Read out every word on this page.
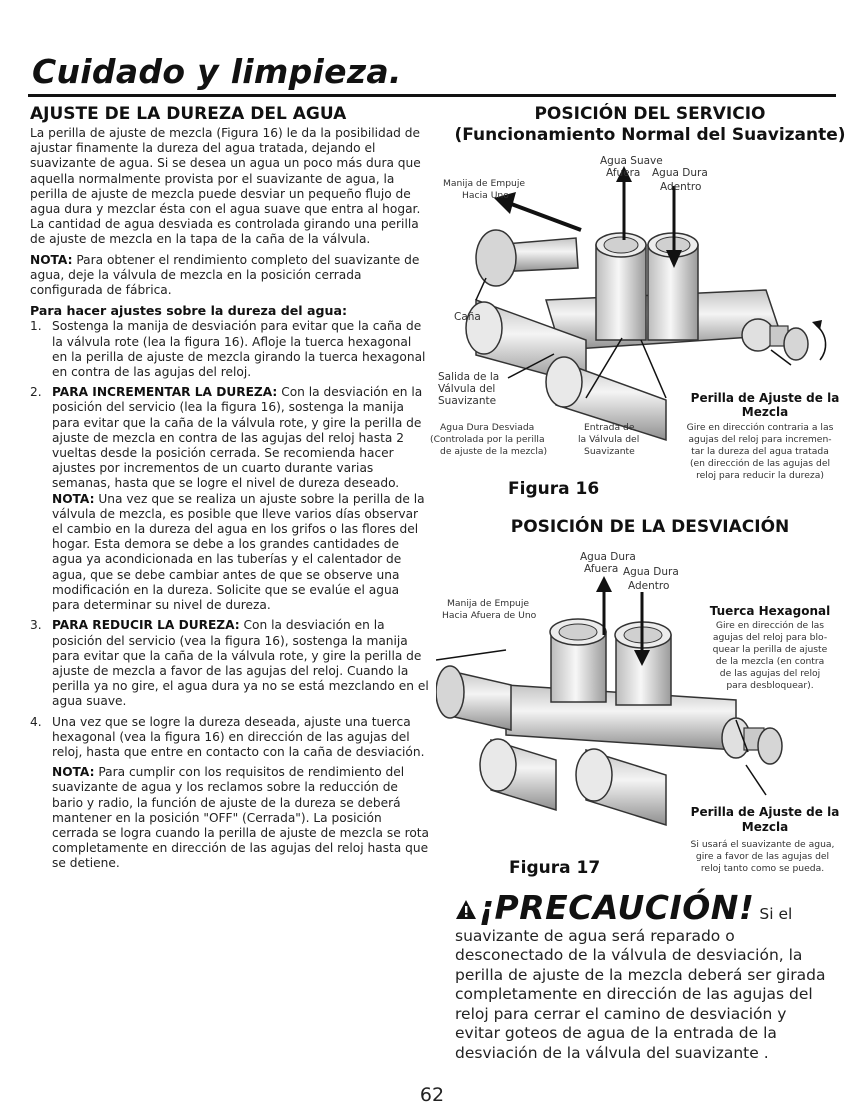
Cuidado y limpieza.
AJUSTE DE LA DUREZA DEL AGUA

La perilla de ajuste de mezcla (Figura 16) le da la posibilidad de ajustar finamente la dureza del agua tratada, dejando el suavizante de agua. Si se desea un agua un poco más dura que aquella normalmente provista por el suavizante de agua, la perilla de ajuste de mezcla puede desviar un pequeño flujo de agua dura y mezclar ésta con el agua suave que entra al hogar. La cantidad de agua desviada es controlada girando una perilla de ajuste de mezcla en la tapa de la caña de la válvula.

NOTA: Para obtener el rendimiento completo del suavizante de agua, deje la válvula de mezcla en la posición cerrada configurada de fábrica.

Para hacer ajustes sobre la dureza del agua:
1. Sostenga la manija de desviación para evitar que la caña de la válvula rote (lea la figura 16). Afloje la tuerca hexagonal en la perilla de ajuste de mezcla girando la tuerca hexagonal en contra de las agujas del reloj.
2. PARA INCREMENTAR LA DUREZA: Con la desviación en la posición del servicio (lea la figura 16), sostenga la manija para evitar que la caña de la válvula rote, y gire la perilla de ajuste de mezcla en contra de las agujas del reloj hasta 2 vueltas desde la posición cerrada. Se recomienda hacer ajustes por incrementos de un cuarto durante varias semanas, hasta que se logre el nivel de dureza deseado. NOTA: Una vez que se realiza un ajuste sobre la perilla de la válvula de mezcla, es posible que lleve varios días observar el cambio en la dureza del agua en los grifos o las flores del hogar. Esta demora se debe a los grandes cantidades de agua ya acondicionada en las tuberías y el calentador de agua, que se debe cambiar antes de que se observe una modificación en la dureza. Solicite que se evalúe el agua para determinar su nivel de dureza.
3. PARA REDUCIR LA DUREZA: Con la desviación en la posición del servicio (vea la figura 16), sostenga la manija para evitar que la caña de la válvula rote, y gire la perilla de ajuste de mezcla a favor de las agujas del reloj. Cuando la perilla ya no gire, el agua dura ya no se está mezclando en el agua suave.
4. Una vez que se logre la dureza deseada, ajuste una tuerca hexagonal (vea la figura 16) en dirección de las agujas del reloj, hasta que entre en contacto con la caña de desviación.
NOTA: Para cumplir con los requisitos de rendimiento del suavizante de agua y los reclamos sobre la reducción de bario y radio, la función de ajuste de la dureza se deberá mantener en la posición "OFF" (Cerrada"). La posición cerrada se logra cuando la perilla de ajuste de mezcla se rota completamente en dirección de las agujas del reloj hasta que se detiene.
POSICIÓN DEL SERVICIO
(Funcionamiento Normal del Suavizante)
Agua Suave
Afuera Agua Dura
Adentro
Manija de Empuje
Hacia Uno
Caña
Salida de la
Válvula del
Suavizante	Perilla de Ajuste de la
Mezcla
Agua Dura Desviada
(Controlada por la perilla
de ajuste de la mezcla)
Entrada de
la Válvula del
Suavizante
Gire en dirección contraria a las
agujas del reloj para incremen-
tar la dureza del agua tratada
(en dirección de las agujas del
reloj para reducir la dureza)
Figura 16
POSICIÓN DE LA DESVIACIÓN
Agua Dura
Afuera Agua Dura
Adentro
Manija de Empuje
Hacia Afuera de Uno	Tuerca Hexagonal
Gire en dirección de las
agujas del reloj para blo-
quear la perilla de ajuste
de la mezcla (en contra
de las agujas del reloj
para desbloquear).
Perilla de Ajuste de la
Mezcla
Si usará el suavizante de agua,
gire a favor de las agujas del
reloj tanto como se pueda.
Figura 17
¡PRECAUCIÓN! Si el suavizante de agua será reparado o desconectado de la válvula de desviación, la perilla de ajuste de la mezcla deberá ser girada completamente en dirección de las agujas del reloj para cerrar el camino de desviación y evitar goteos de agua de la entrada de la desviación de la válvula del suavizante .
62
